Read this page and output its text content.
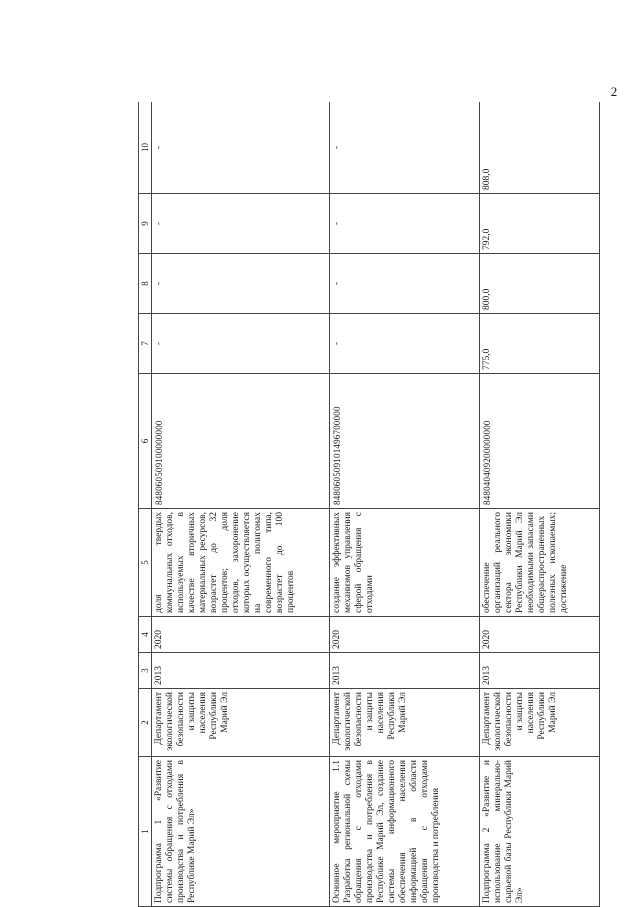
2
1	2	3	4	5	6	7	8	9	10
Подпрограмма 1 «Развитие системы обращения с отходами производства и потребления в Республике Марий Эл»	Департамент экологической безопасности и защиты населения Республики Марий Эл	2013	2020	доля твердых коммунальных отходов, используемых в качестве вторичных материальных ресурсов, возрастет до 32 процентов; доля отходов, захоронение которых осуществляется на полигонах современного типа, возрастет до 100 процентов	848060509100000000	-	-	-	-
Основное мероприятие 1.1 Разработка региональной схемы обращения с отходами производства и потребления в Республике Марий Эл, создание системы информационного обеспечения населения информацией в области обращения с отходами производства и потребления	Департамент экологической безопасности и защиты населения Республики Марий Эл	2013	2020	создание эффективных механизмов управления сферой обращения с отходами	848060509101496700000	-	-	-	-
Подпрограмма 2 «Развитие и использование минерально-сырьевой базы Республики Марий Эл»	Департамент экологической безопасности и защиты населения Республики Марий Эл	2013	2020	обеспечение организаций реального сектора экономики Республики Марий Эл необходимыми запасами общераспространенных полезных ископаемых; достижение	848040409200000000	775,0	800,0	792,0	808,0
